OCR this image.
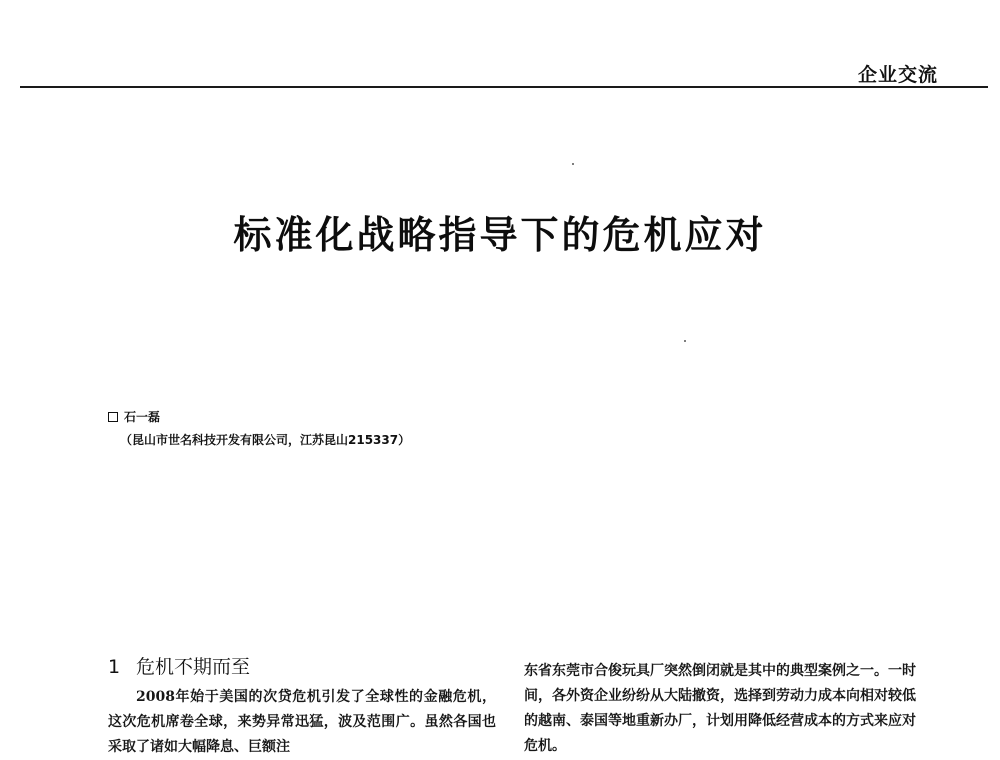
企业交流
标准化战略指导下的危机应对
石一磊
（昆山市世名科技开发有限公司，江苏昆山215337）
1 危机不期而至

2008年始于美国的次贷危机引发了全球性的金融危机，这次危机席卷全球，来势异常迅猛，波及范围广。虽然各国也采取了诸如大幅降息、巨额注

东省东莞市合俊玩具厂突然倒闭就是其中的典型案例之一。一时间，各外资企业纷纷从大陆撤资，选择到劳动力成本向相对较低的越南、泰国等地重新办厂，计划用降低经营成本的方式来应对危机。
